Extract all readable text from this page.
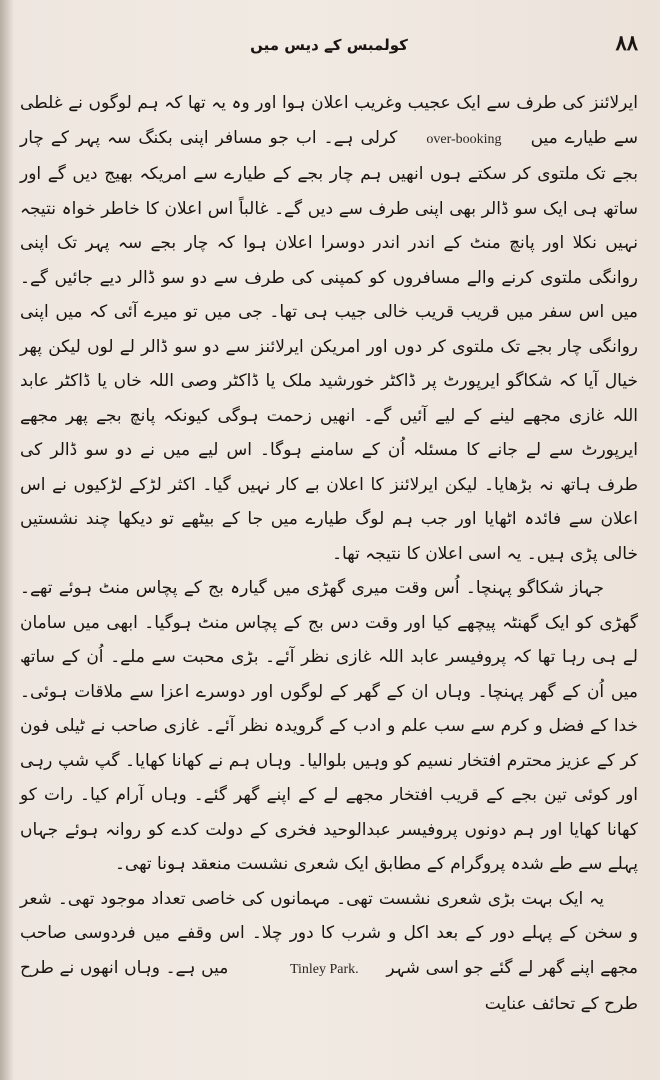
۸۸
کولمبس کے دیس میں

ایرلائنز کی طرف سے ایک عجیب وغریب اعلان ہوا اور وہ یہ تھا کہ ہم لوگوں نے غلطی سے طیارے میں over-booking کرلی ہے۔ اب جو مسافر اپنی بکنگ سہ پہر کے چار بجے تک ملتوی کر سکتے ہوں انھیں ہم چار بجے کے طیارے سے امریکہ بھیج دیں گے اور ساتھ ہی ایک سو ڈالر بھی اپنی طرف سے دیں گے۔ غالباً اس اعلان کا خاطر خواہ نتیجہ نہیں نکلا اور پانچ منٹ کے اندر اندر دوسرا اعلان ہوا کہ چار بجے سہ پہر تک اپنی روانگی ملتوی کرنے والے مسافروں کو کمپنی کی طرف سے دو سو ڈالر دیے جائیں گے۔ میں اس سفر میں قریب قریب خالی جیب ہی تھا۔ جی میں تو میرے آئی کہ میں اپنی روانگی چار بجے تک ملتوی کر دوں اور امریکن ایرلائنز سے دو سو ڈالر لے لوں لیکن پھر خیال آیا کہ شکاگو ایرپورٹ پر ڈاکٹر خورشید ملک یا ڈاکٹر وصی اللہ خاں یا ڈاکٹر عابد اللہ غازی مجھے لینے کے لیے آئیں گے۔ انھیں زحمت ہوگی کیونکہ پانچ بجے پھر مجھے ایرپورٹ سے لے جانے کا مسئلہ اُن کے سامنے ہوگا۔ اس لیے میں نے دو سو ڈالر کی طرف ہاتھ نہ بڑھایا۔ لیکن ایرلائنز کا اعلان بے کار نہیں گیا۔ اکثر لڑکے لڑکیوں نے اس اعلان سے فائدہ اٹھایا اور جب ہم لوگ طیارے میں جا کے بیٹھے تو دیکھا چند نشستیں خالی پڑی ہیں۔ یہ اسی اعلان کا نتیجہ تھا۔

جہاز شکاگو پہنچا۔ اُس وقت میری گھڑی میں گیارہ بج کے پچاس منٹ ہوئے تھے۔ گھڑی کو ایک گھنٹہ پیچھے کیا اور وقت دس بج کے پچاس منٹ ہوگیا۔ ابھی میں سامان لے ہی رہا تھا کہ پروفیسر عابد اللہ غازی نظر آئے۔ بڑی محبت سے ملے۔ اُن کے ساتھ میں اُن کے گھر پہنچا۔ وہاں ان کے گھر کے لوگوں اور دوسرے اعزا سے ملاقات ہوئی۔ خدا کے فضل و کرم سے سب علم و ادب کے گرویدہ نظر آئے۔ غازی صاحب نے ٹیلی فون کر کے عزیز محترم افتخار نسیم کو وہیں بلوالیا۔ وہاں ہم نے کھانا کھایا۔ گپ شپ رہی اور کوئی تین بجے کے قریب افتخار مجھے لے کے اپنے گھر گئے۔ وہاں آرام کیا۔ رات کو کھانا کھایا اور ہم دونوں پروفیسر عبدالوحید فخری کے دولت کدے کو روانہ ہوئے جہاں پہلے سے طے شدہ پروگرام کے مطابق ایک شعری نشست منعقد ہونا تھی۔

یہ ایک بہت بڑی شعری نشست تھی۔ مہمانوں کی خاصی تعداد موجود تھی۔ شعر و سخن کے پہلے دور کے بعد اکل و شرب کا دور چلا۔ اس وقفے میں فردوسی صاحب مجھے اپنے گھر لے گئے جو اسی شہر Tinley Park. میں ہے۔ وہاں انھوں نے طرح طرح کے تحائف عنایت
